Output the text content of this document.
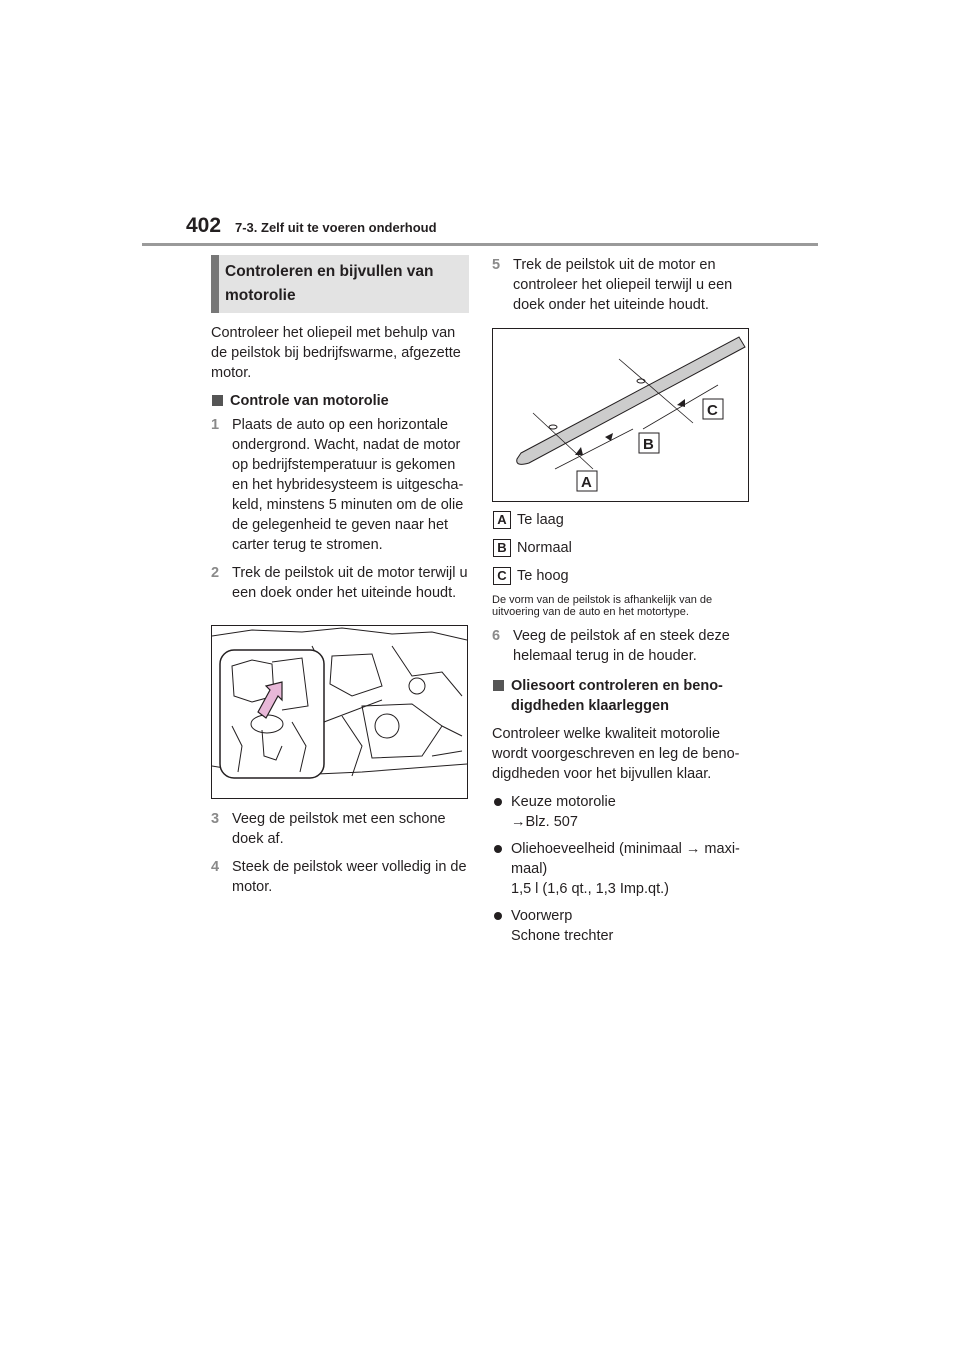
402 7-3. Zelf uit te voeren onderhoud
Controleren en bijvullen van motorolie

Controleer het oliepeil met behulp van de peilstok bij bedrijfswarme, afgezette motor.

Controle van motorolie
1 Plaats de auto op een horizontale ondergrond. Wacht, nadat de motor op bedrijfstemperatuur is gekomen en het hybridesysteem is uitgescha-keld, minstens 5 minuten om de olie de gelegenheid te geven naar het carter terug te stromen.
2 Trek de peilstok uit de motor terwijl u een doek onder het uiteinde houdt.
3 Veeg de peilstok met een schone doek af.
4 Steek de peilstok weer volledig in de motor.
5 Trek de peilstok uit de motor en controleer het oliepeil terwijl u een doek onder het uiteinde houdt.
A
B
C
A Te laag
B Normaal
C Te hoog

De vorm van de peilstok is afhankelijk van de uitvoering van de auto en het motortype.

6 Veeg de peilstok af en steek deze helemaal terug in de houder.
Oliesoort controleren en beno-digdheden klaarleggen

Controleer welke kwaliteit motorolie wordt voorgeschreven en leg de beno-digdheden voor het bijvullen klaar.

Keuze motorolie
→Blz. 507
Oliehoeveelheid (minimaal → maxi-maal)
1,5 l (1,6 qt., 1,3 Imp.qt.)
Voorwerp
Schone trechter
